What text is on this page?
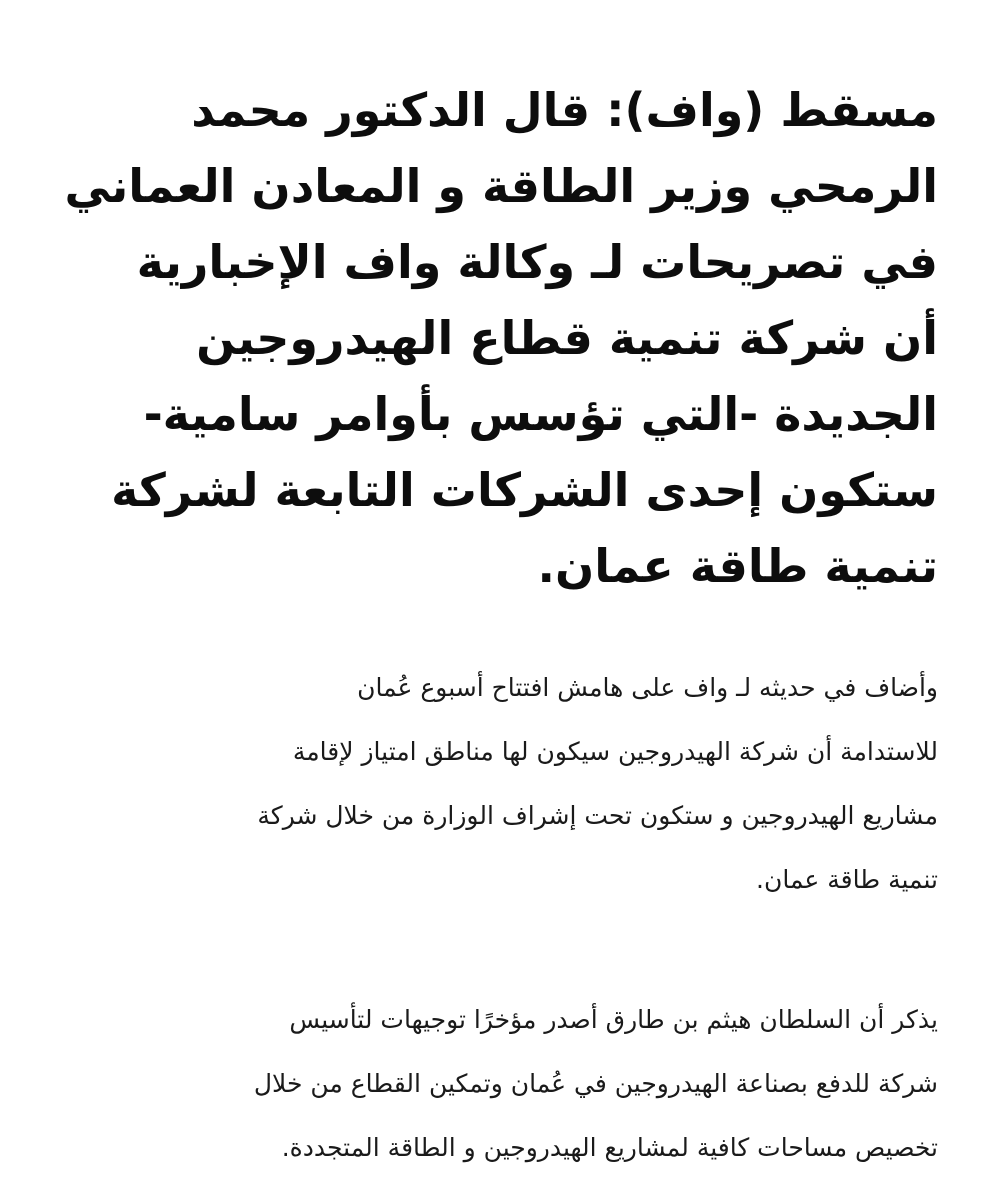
مسقط (واف): قال الدكتور محمد
الرمحي وزير الطاقة و المعادن العماني
في تصريحات لـ وكالة واف الإخبارية
أن شركة تنمية قطاع الهيدروجين
الجديدة -التي تؤسس بأوامر سامية-
ستكون إحدى الشركات التابعة لشركة
تنمية طاقة عمان.

وأضاف في حديثه لـ واف على هامش افتتاح أسبوع عُمان
للاستدامة أن شركة الهيدروجين سيكون لها مناطق امتياز لإقامة
مشاريع الهيدروجين و ستكون تحت إشراف الوزارة من خلال شركة
تنمية طاقة عمان.

يذكر أن السلطان هيثم بن طارق أصدر مؤخرًا توجيهات لتأسيس
شركة للدفع بصناعة الهيدروجين في عُمان وتمكين القطاع من خلال
تخصيص مساحات كافية لمشاريع الهيدروجين و الطاقة المتجددة.
